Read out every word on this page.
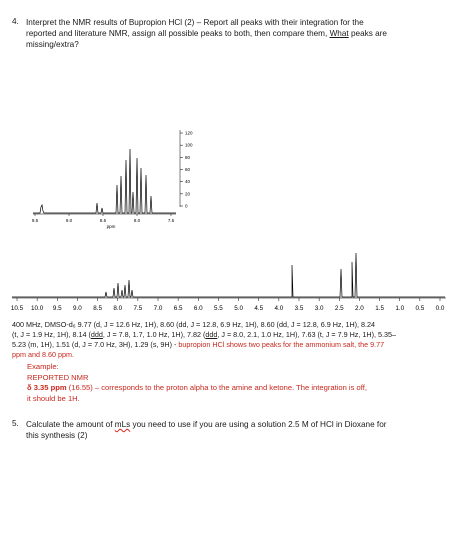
4. Interpret the NMR results of Bupropion HCl (2) – Report all peaks with their integration for the
reported and literature NMR, assign all possible peaks to both, then compare them, What peaks are
missing/extra?
9.5	9.0	8.5	8.0	7.5
ppm
120
100
80
60
40
20
0
10.5 10.0 9.5 9.0 8.5 8.0 7.5 7.0 6.5 6.0 5.5 5.0 4.5 4.0 3.5 3.0 2.5 2.0 1.5 1.0 0.5 0.0
400 MHz, DMSO-d₆ 9.77 (d, J = 12.6 Hz, 1H), 8.60 (dd, J = 12.8, 6.9 Hz, 1H), 8.60 (dd, J = 12.8, 6.9 Hz, 1H), 8.24
(t, J = 1.9 Hz, 1H), 8.14 (ddd, J = 7.8, 1.7, 1.0 Hz, 1H), 7.82 (ddd, J = 8.0, 2.1, 1.0 Hz, 1H), 7.63 (t, J = 7.9 Hz, 1H), 5.35–
5.23 (m, 1H), 1.51 (d, J = 7.0 Hz, 3H), 1.29 (s, 9H) - bupropion HCl shows two peaks for the ammonium salt, the 9.77
ppm and 8.60 ppm.
Example:
REPORTED NMR
δ 3.35 ppm (16.55) – corresponds to the proton alpha to the amine and ketone. The integration is off,
it should be 1H.
5. Calculate the amount of mLs you need to use if you are using a solution 2.5 M of HCl in Dioxane for
this synthesis (2)
